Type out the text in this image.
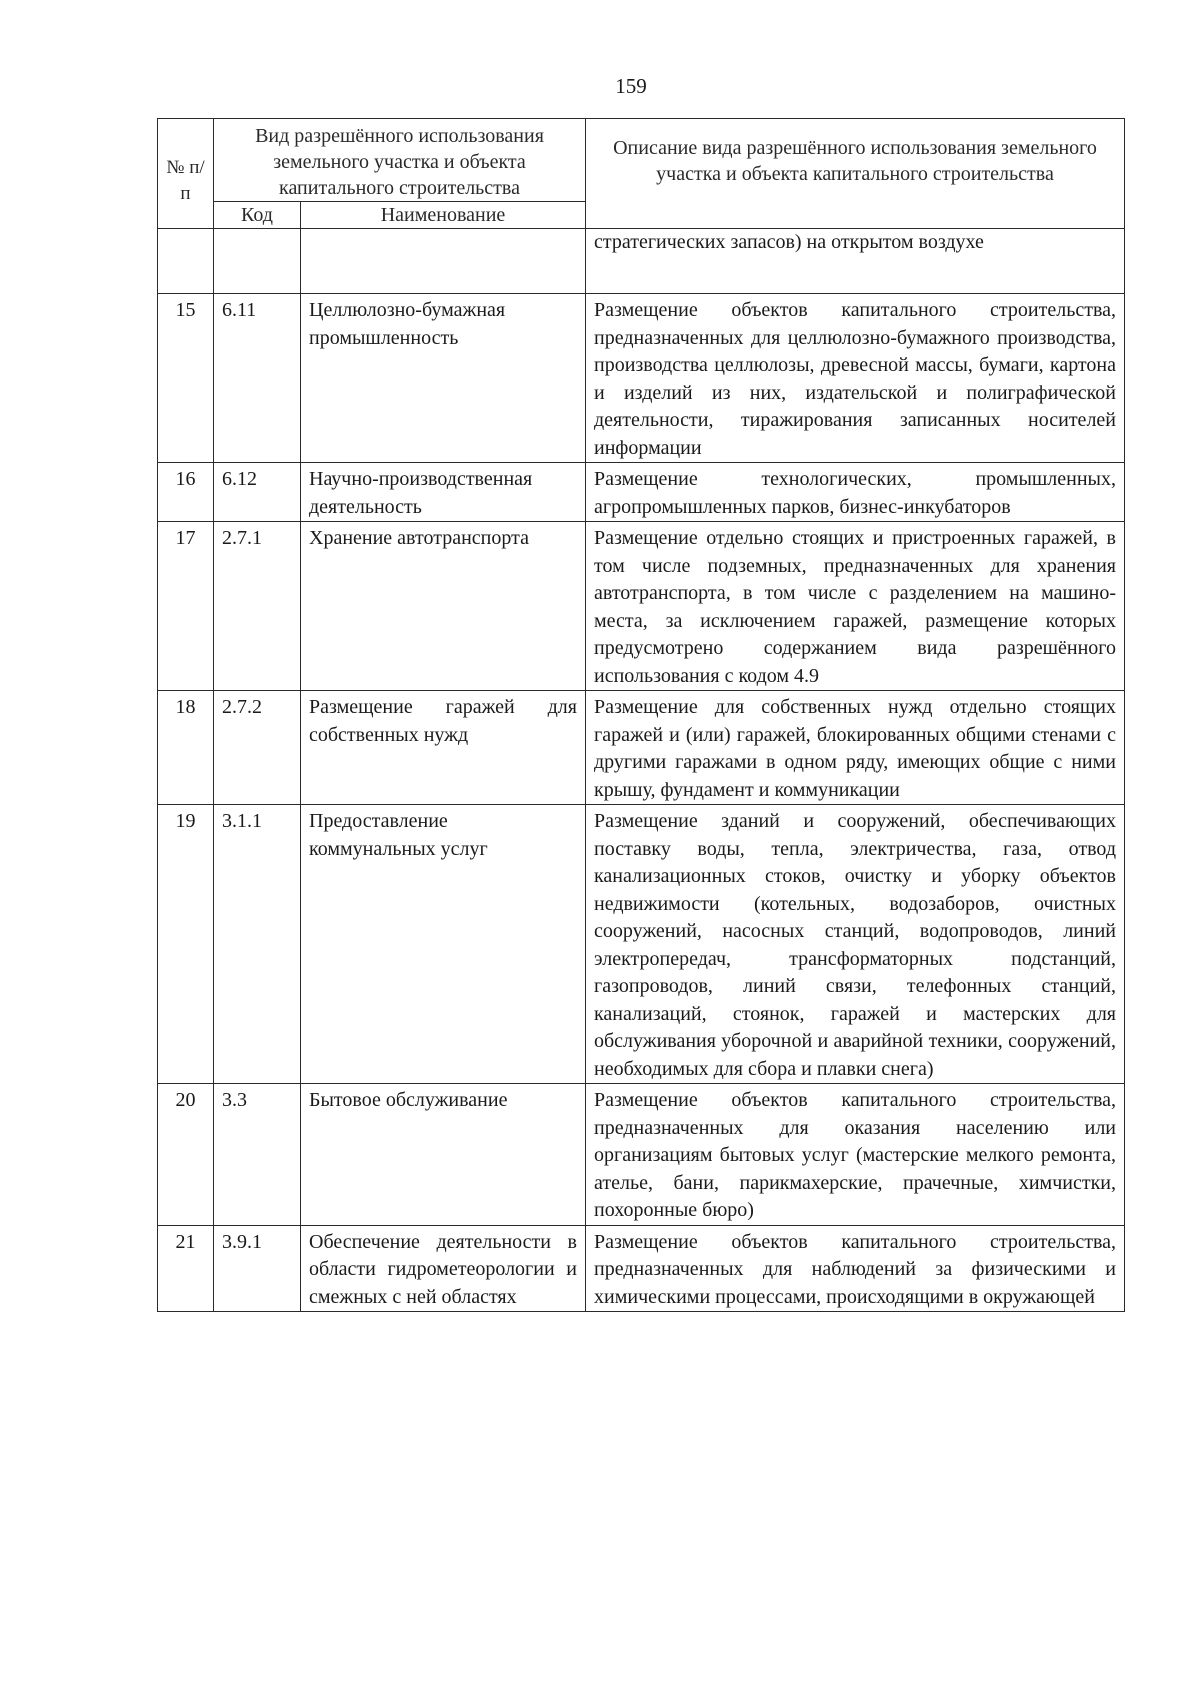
159
№ п/п	Вид разрешённого использования земельного участка и объекта капитального строительства		Описание вида разрешённого использования земельного участка и объекта капитального строительства
	Код	Наименование	
			стратегических запасов) на открытом воздухе
15	6.11	Целлюлозно-бумажная промышленность	Размещение объектов капитального строительства, предназначенных для целлюлозно-бумажного производства, производства целлюлозы, древесной массы, бумаги, картона и изделий из них, издательской и полиграфической деятельности, тиражирования записанных носителей информации
16	6.12	Научно-производственная деятельность	Размещение технологических, промышленных, агропромышленных парков, бизнес-инкубаторов
17	2.7.1	Хранение автотранспорта	Размещение отдельно стоящих и пристроенных гаражей, в том числе подземных, предназначенных для хранения автотранспорта, в том числе с разделением на машино-места, за исключением гаражей, размещение которых предусмотрено содержанием вида разрешённого использования с кодом 4.9
18	2.7.2	Размещение гаражей для собственных нужд	Размещение для собственных нужд отдельно стоящих гаражей и (или) гаражей, блокированных общими стенами с другими гаражами в одном ряду, имеющих общие с ними крышу, фундамент и коммуникации
19	3.1.1	Предоставление коммунальных услуг	Размещение зданий и сооружений, обеспечивающих поставку воды, тепла, электричества, газа, отвод канализационных стоков, очистку и уборку объектов недвижимости (котельных, водозаборов, очистных сооружений, насосных станций, водопроводов, линий электропередач, трансформаторных подстанций, газопроводов, линий связи, телефонных станций, канализаций, стоянок, гаражей и мастерских для обслуживания уборочной и аварийной техники, сооружений, необходимых для сбора и плавки снега)
20	3.3	Бытовое обслуживание	Размещение объектов капитального строительства, предназначенных для оказания населению или организациям бытовых услуг (мастерские мелкого ремонта, ателье, бани, парикмахерские, прачечные, химчистки, похоронные бюро)
21	3.9.1	Обеспечение деятельности в области гидрометеорологии и смежных с ней областях	Размещение объектов капитального строительства, предназначенных для наблюдений за физическими и химическими процессами, происходящими в окружающей
